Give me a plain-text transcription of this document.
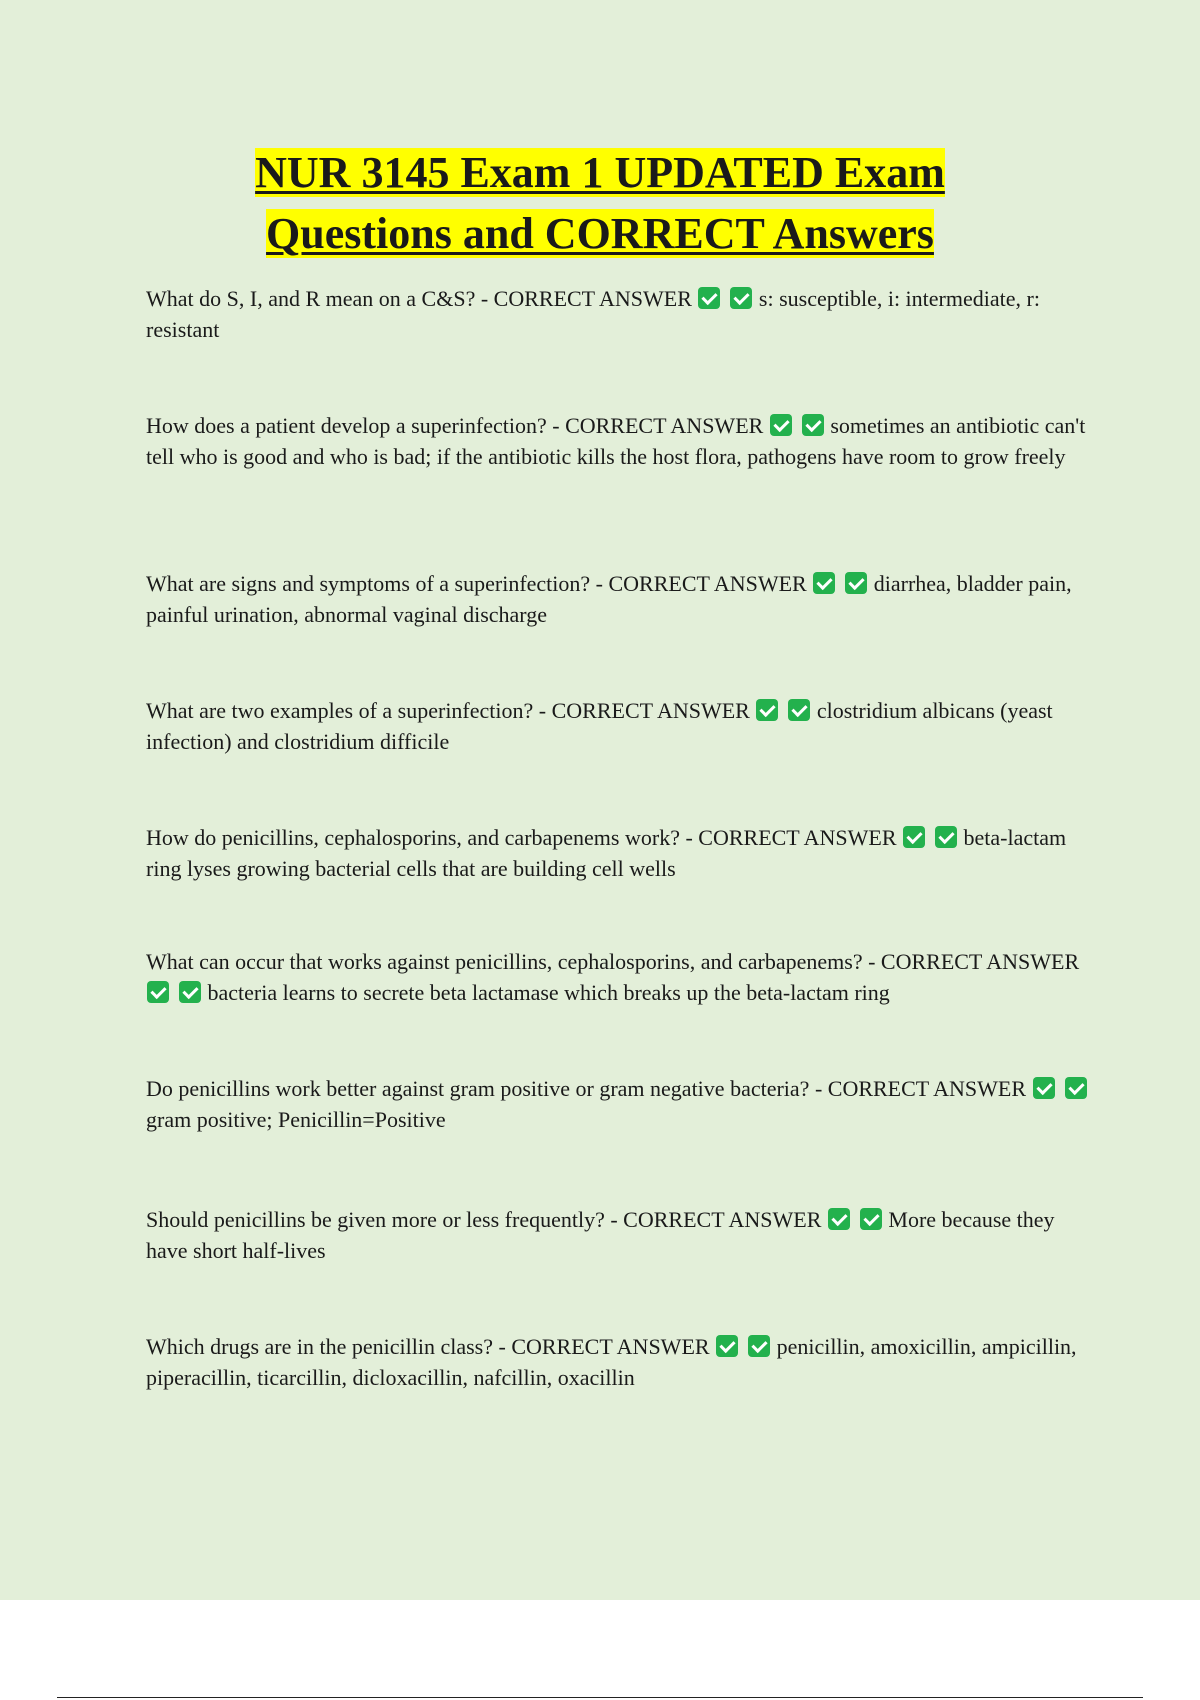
NUR 3145 Exam 1 UPDATED Exam
Questions and CORRECT Answers

What do S, I, and R mean on a C&S? - CORRECT ANSWER	s: susceptible, i: intermediate, r: resistant

How does a patient develop a superinfection? - CORRECT ANSWER	sometimes an antibiotic can't tell who is good and who is bad; if the antibiotic kills the host flora, pathogens have room to grow freely

What are signs and symptoms of a superinfection? - CORRECT ANSWER	diarrhea, bladder pain, painful urination, abnormal vaginal discharge

What are two examples of a superinfection? - CORRECT ANSWER	clostridium albicans (yeast infection) and clostridium difficile

How do penicillins, cephalosporins, and carbapenems work? - CORRECT ANSWER	beta-lactam ring lyses growing bacterial cells that are building cell wells

What can occur that works against penicillins, cephalosporins, and carbapenems? - CORRECT ANSWER  bacteria learns to secrete beta lactamase which breaks up the beta-lactam ring

Do penicillins work better against gram positive or gram negative bacteria? - CORRECT ANSWER  gram positive; Penicillin=Positive

Should penicillins be given more or less frequently? - CORRECT ANSWER	More because they have short half-lives

Which drugs are in the penicillin class? - CORRECT ANSWER	penicillin, amoxicillin, ampicillin, piperacillin, ticarcillin, dicloxacillin, nafcillin, oxacillin
